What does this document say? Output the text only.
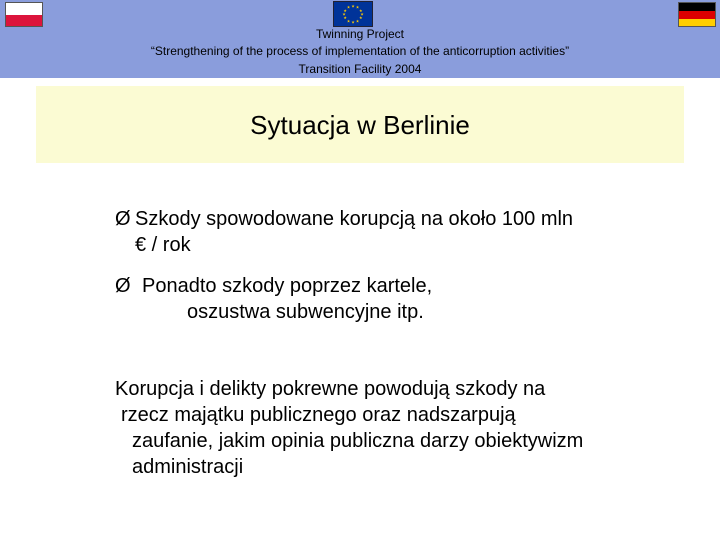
★ ★
★
★
★
★
★
★
★
★
★
★
Twinning Project
“Strengthening of the process of implementation of the anticorruption activities”
Transition Facility 2004
Sytuacja w Berlinie
Ø Szkody spowodowane korupcją na około 100 mln
€ / rok
Ø Ponadto szkody poprzez kartele,
oszustwa subwencyjne itp.
Korupcja i delikty pokrewne powodują szkody na
rzecz majątku publicznego oraz nadszarpują
zaufanie, jakim opinia publiczna darzy obiektywizm
administracji
